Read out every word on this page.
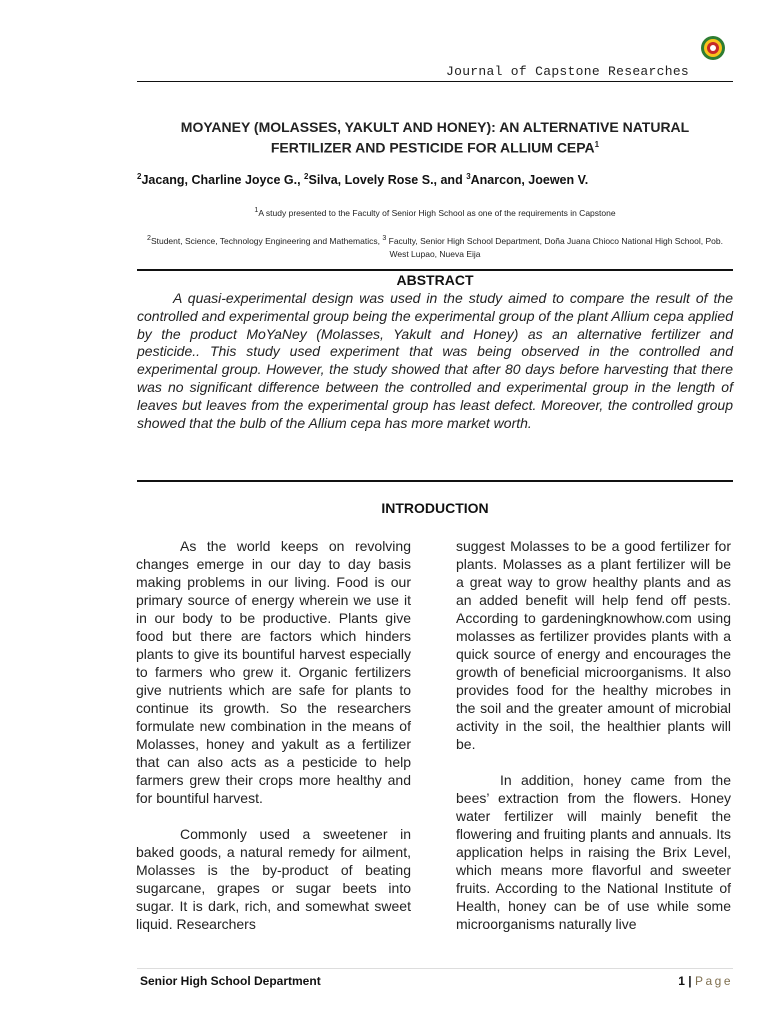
Journal of Capstone Researches
MOYANEY (MOLASSES, YAKULT AND HONEY): AN ALTERNATIVE NATURAL
FERTILIZER AND PESTICIDE FOR ALLIUM CEPA$^1$
$^2$Jacang, Charline Joyce G., $^2$Silva, Lovely Rose S., and $^3$Anarcon, Joewen V.
$^1$A study presented to the Faculty of Senior High School as one of the requirements in Capstone
$^2$Student, Science, Technology Engineering and Mathematics, $^3$ Faculty, Senior High School Department, Doña Juana Chioco National High School, Pob. West Lupao, Nueva Eija
ABSTRACT

A quasi-experimental design was used in the study aimed to compare the result of the controlled and experimental group being the experimental group of the plant Allium cepa applied by the product MoYaNey (Molasses, Yakult and Honey) as an alternative fertilizer and pesticide.. This study used experiment that was being observed in the controlled and experimental group. However, the study showed that after 80 days before harvesting that there was no significant difference between the controlled and experimental group in the length of leaves but leaves from the experimental group has least defect. Moreover, the controlled group showed that the bulb of the Allium cepa has more market worth.

INTRODUCTION

As the world keeps on revolving changes emerge in our day to day basis making problems in our living. Food is our primary source of energy wherein we use it in our body to be productive. Plants give food but there are factors which hinders plants to give its bountiful harvest especially to farmers who grew it. Organic fertilizers give nutrients which are safe for plants to continue its growth. So the researchers formulate new combination in the means of Molasses, honey and yakult as a fertilizer that can also acts as a pesticide to help farmers grew their crops more healthy and for bountiful harvest.

Commonly used a sweetener in baked goods, a natural remedy for ailment, Molasses is the by-product of beating sugarcane, grapes or sugar beets into sugar. It is dark, rich, and somewhat sweet liquid. Researchers

suggest Molasses to be a good fertilizer for plants. Molasses as a plant fertilizer will be a great way to grow healthy plants and as an added benefit will help fend off pests. According to gardeningknowhow.com using molasses as fertilizer provides plants with a quick source of energy and encourages the growth of beneficial microorganisms. It also provides food for the healthy microbes in the soil and the greater amount of microbial activity in the soil, the healthier plants will be.

In addition, honey came from the bees’ extraction from the flowers. Honey water fertilizer will mainly benefit the flowering and fruiting plants and annuals. Its application helps in raising the Brix Level, which means more flavorful and sweeter fruits. According to the National Institute of Health, honey can be of use while some microorganisms naturally live

Senior High School Department	1 | Page
